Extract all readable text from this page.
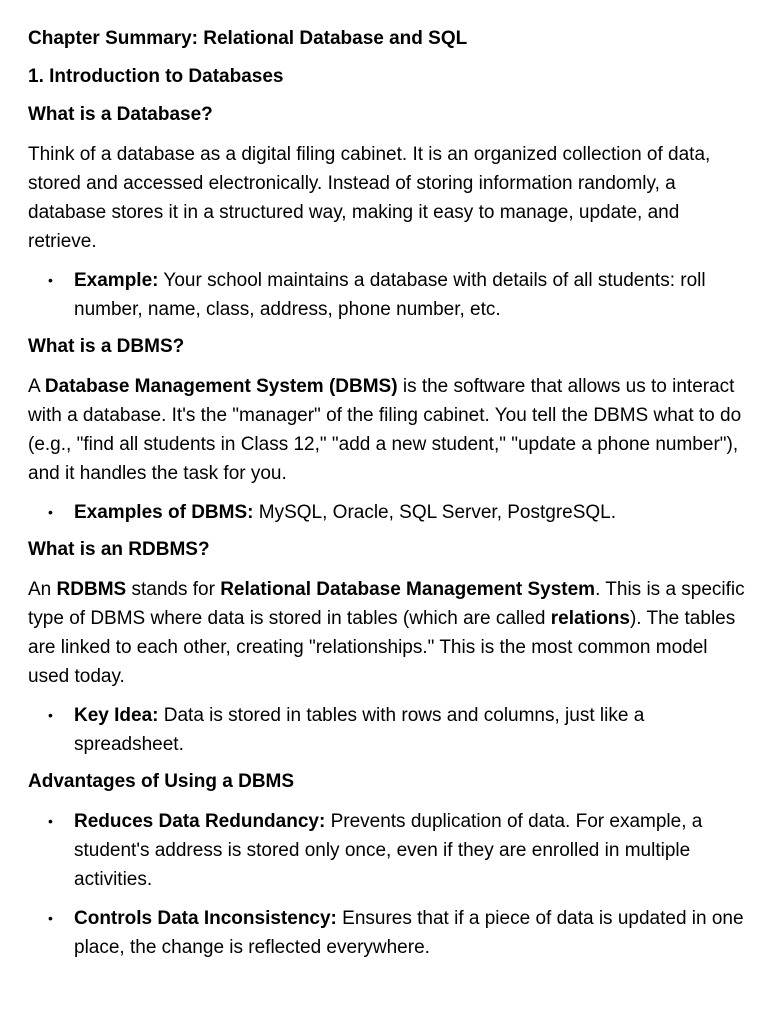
Chapter Summary: Relational Database and SQL
1. Introduction to Databases
What is a Database?
Think of a database as a digital filing cabinet. It is an organized collection of data, stored and accessed electronically. Instead of storing information randomly, a database stores it in a structured way, making it easy to manage, update, and retrieve.
• Example: Your school maintains a database with details of all students: roll number, name, class, address, phone number, etc.
What is a DBMS?
A Database Management System (DBMS) is the software that allows us to interact with a database. It's the "manager" of the filing cabinet. You tell the DBMS what to do (e.g., "find all students in Class 12," "add a new student," "update a phone number"), and it handles the task for you.
• Examples of DBMS: MySQL, Oracle, SQL Server, PostgreSQL.
What is an RDBMS?
An RDBMS stands for Relational Database Management System. This is a specific type of DBMS where data is stored in tables (which are called relations). The tables are linked to each other, creating "relationships." This is the most common model used today.
• Key Idea: Data is stored in tables with rows and columns, just like a spreadsheet.
Advantages of Using a DBMS
• Reduces Data Redundancy: Prevents duplication of data. For example, a student's address is stored only once, even if they are enrolled in multiple activities.
• Controls Data Inconsistency: Ensures that if a piece of data is updated in one place, the change is reflected everywhere.
